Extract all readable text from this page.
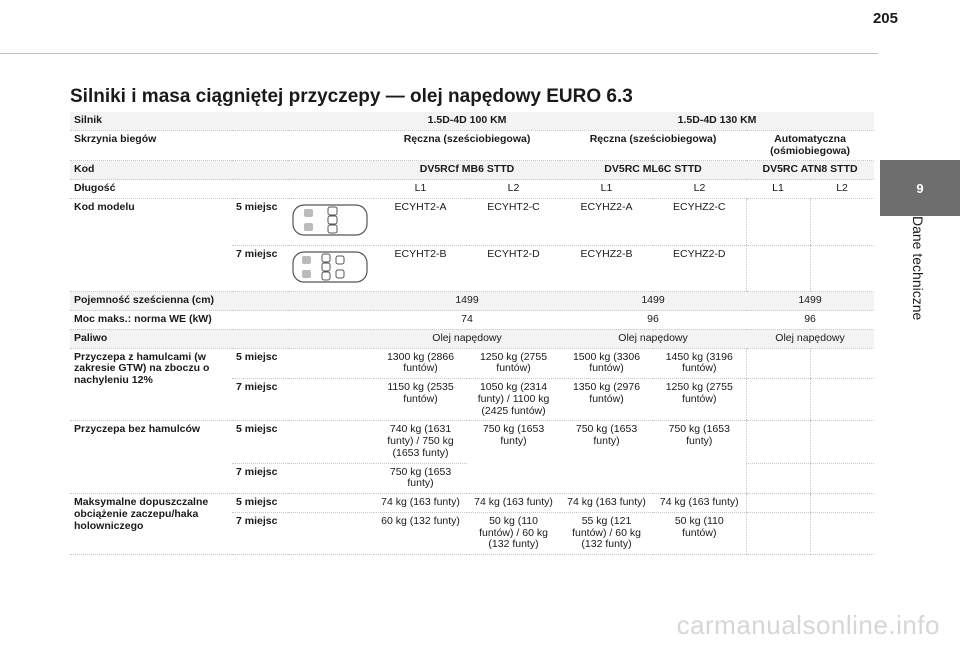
205
9
Dane techniczne
Silniki i masa ciągniętej przyczepy — olej napędowy EURO 6.3
Silnik			1.5D-4D 100 KM		1.5D-4D 130 KM			
Skrzynia biegów			Ręczna (sześciobiegowa)		Ręczna (sześciobiegowa)		Automatyczna (ośmiobiegowa)	
Kod			DV5RCf MB6 STTD		DV5RC ML6C STTD		DV5RC ATN8 STTD	
Długość			L1	L2	L1	L2	L1	L2
Kod modelu	5 miejsc		ECYHT2-A	ECYHT2-C	ECYHZ2-A	ECYHZ2-C		
	7 miejsc		ECYHT2-B	ECYHT2-D	ECYHZ2-B	ECYHZ2-D		
Pojemność sześcienna (cm)			1499		1499		1499	
Moc maks.: norma WE (kW)			74		96		96	
Paliwo			Olej napędowy		Olej napędowy		Olej napędowy	
Przyczepa z hamulcami (w zakresie GTW) na zboczu o nachyleniu 12%	5 miejsc		1300 kg (2866 funtów)	1250 kg (2755 funtów)	1500 kg (3306 funtów)	1450 kg (3196 funtów)		
	7 miejsc		1150 kg (2535 funtów)	1050 kg (2314 funty) / 1100 kg (2425 funtów)	1350 kg (2976 funtów)	1250 kg (2755 funtów)		
Przyczepa bez hamulców	5 miejsc		740 kg (1631 funty) / 750 kg (1653 funty)	750 kg (1653 funty)	750 kg (1653 funty)	750 kg (1653 funty)		
	7 miejsc		750 kg (1653 funty)					
Maksymalne dopuszczalne obciążenie zaczepu/haka holowniczego	5 miejsc		74 kg (163 funty)	74 kg (163 funty)	74 kg (163 funty)	74 kg (163 funty)		
	7 miejsc		60 kg (132 funty)	50 kg (110 funtów) / 60 kg (132 funty)	55 kg (121 funtów) / 60 kg (132 funty)	50 kg (110 funtów)		
carmanualsonline.info
